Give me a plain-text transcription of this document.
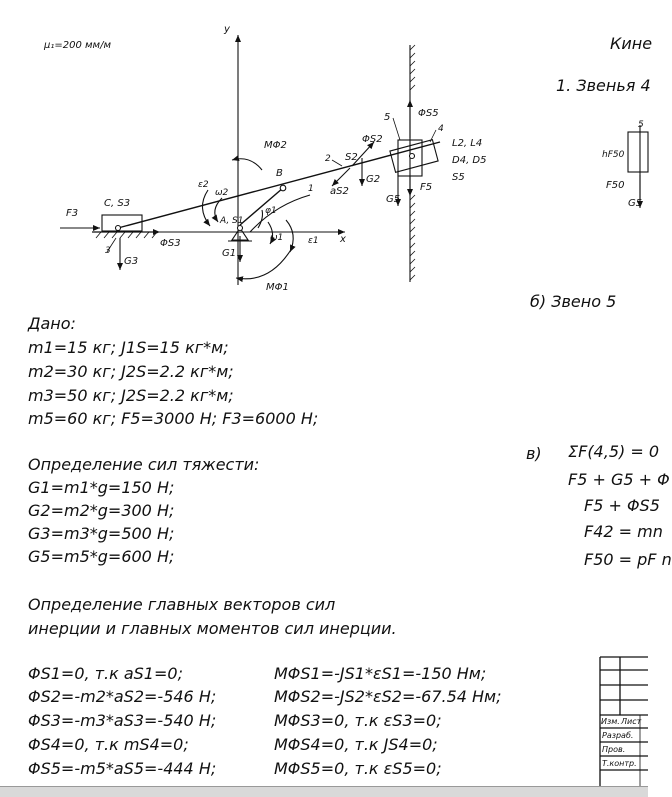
μ₁=200 мм/м
y
x
MΦ2
ΦS2
ΦS5
5
4
L2, L4
D4, D5
S5
S2
2
aS2
G2
G5
F5
1
B
A, S1
C, S3
F3
3
G3
ΦS3
G1
MΦ1
ε2
ω2
φ1
ω1	ε1
Кине
1. Звенья 4
5
hF50
F50
G5
б) Звено 5
в) ΣF(4,5) = 0
F5 + G5 + Φ
F5 + ΦS5
F42 = mn
F50 = pF n
Дано:
m1=15 кг; J1S=15 кг*м;
m2=30 кг; J2S=2.2 кг*м;
m3=50 кг; J2S=2.2 кг*м;
m5=60 кг; F5=3000 Н; F3=6000 Н;
Определение сил тяжести:
G1=m1*g=150 Н;
G2=m2*g=300 Н;
G3=m3*g=500 Н;
G5=m5*g=600 Н;
Определение главных векторов сил
инерции и главных моментов сил инерции.
ΦS1=0, т.к aS1=0;
ΦS2=-m2*aS2=-546 Н;
ΦS3=-m3*aS3=-540 Н;
ΦS4=0, т.к mS4=0;
ΦS5=-m5*aS5=-444 Н;
MΦS1=-JS1*εS1=-150 Нм;
MΦS2=-JS2*εS2=-67.54 Нм;
MΦS3=0, т.к εS3=0;
MΦS4=0, т.к JS4=0;
MΦS5=0, т.к εS5=0;
Изм. Лист
Разраб.
Пров.
Т.контр.
